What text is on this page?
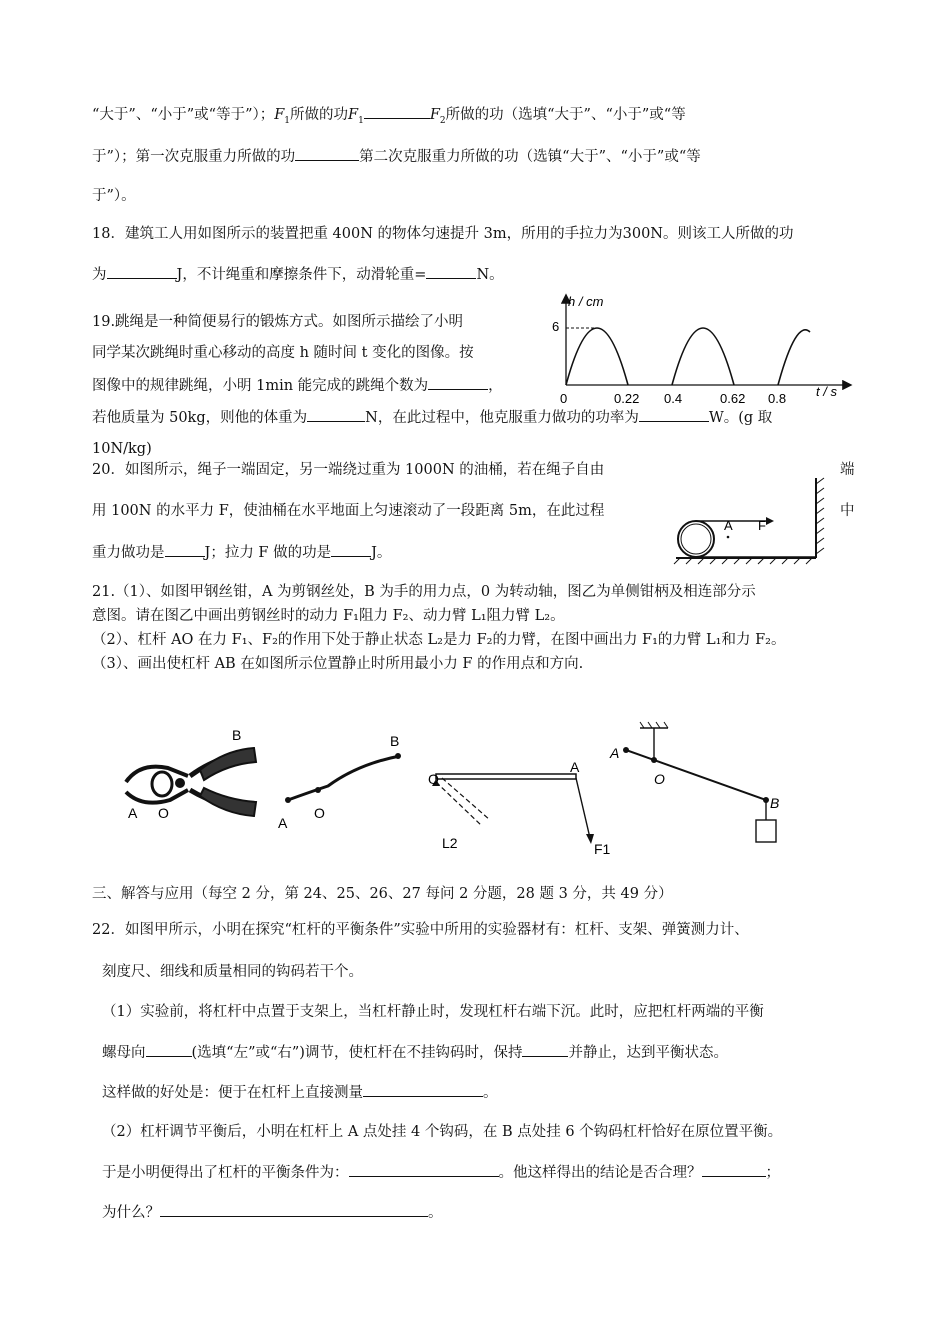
“大于”、“小于”或“等于”）；$F_1$所做的功$F_1$	$F_2$所做的功（选填“大于”、“小于”或“等
于”）；第一次克服重力所做的功	第二次克服重力所做的功（选镇“大于”、“小于”或“等
于”）。
18．建筑工人用如图所示的装置把重 400N 的物体匀速提升 3m，所用的手拉力为300N。则该工人所做的功
为	J，不计绳重和摩擦条件下，动滑轮重=	N。
19.跳绳是一种简便易行的锻炼方式。如图所示描绘了小明
同学某次跳绳时重心移动的高度 h 随时间 t 变化的图像。按
图像中的规律跳绳，小明 1min 能完成的跳绳个数为	，
若他质量为 50kg，则他的体重为	N，在此过程中，他克服重力做功的功率为	W。(g 取
10N/kg)
h / cm
6
0	0.22 0.4	0.62 0.8 t / s
20．如图所示，绳子一端固定，另一端绕过重为 1000N 的油桶，若在绳子自由	端
用 100N 的水平力 F，使油桶在水平地面上匀速滚动了一段距离 5m，在此过程	中
重力做功是	J；拉力 F 做的功是	J。
A F
21.（1）、如图甲钢丝钳，A 为剪钢丝处，B 为手的用力点，0 为转动轴，图乙为单侧钳柄及相连部分示
意图。请在图乙中画出剪钢丝时的动力 F₁阻力 F₂、动力臂 L₁阻力臂 L₂。
（2）、杠杆 AO 在力 F₁、F₂的作用下处于静止状态 L₂是力 F₂的力臂，在图中画出力 F₁的力臂 L₁和力 F₂。
（3）、画出使杠杆 AB 在如图所示位置静止时所用最小力 F 的作用点和方向.
B
A O
A
O
B
O
A
L2	F1
A
O
B
三、解答与应用（每空 2 分，第 24、25、26、27 每问 2 分题，28 题 3 分，共 49 分）
22．如图甲所示，小明在探究“杠杆的平衡条件”实验中所用的实验器材有：杠杆、支架、弹簧测力计、
刻度尺、细线和质量相同的钩码若干个。
（1）实验前，将杠杆中点置于支架上，当杠杆静止时，发现杠杆右端下沉。此时，应把杠杆两端的平衡
螺母向	(选填“左”或“右”)调节，使杠杆在不挂钩码时，保持	并静止，达到平衡状态。
这样做的好处是：便于在杠杆上直接测量	。
（2）杠杆调节平衡后，小明在杠杆上 A 点处挂 4 个钩码，在 B 点处挂 6 个钩码杠杆恰好在原位置平衡。
于是小明便得出了杠杆的平衡条件为：	。他这样得出的结论是否合理？	；
为什么？	。
